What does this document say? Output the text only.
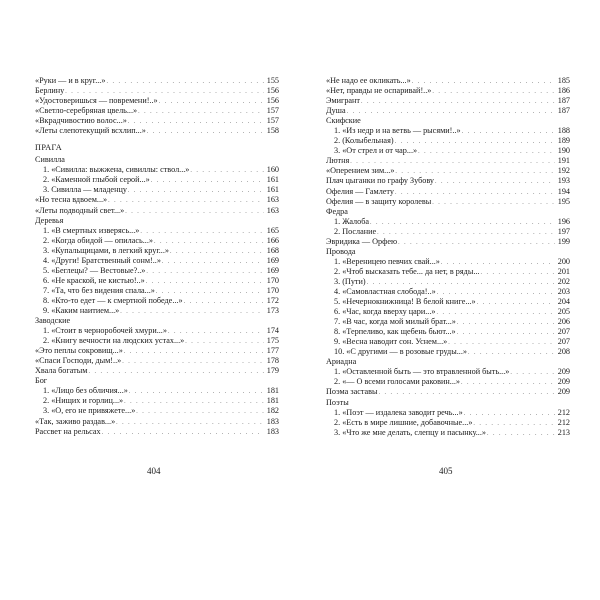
«Руки — и в круг...» . . .	155
Берлину . . .	156
«Удостоверишься — повремени!..» . . .	156
«Светло-серебряная цвель...» . . .	157
«Вкрадчивостию волос...» . . .	157
«Леты слепотекущий всхлип...» . . .	158
ПРАГА
Сивилла
1. «Сивилла: выжжена, сивиллы: ствол...» . . .	160
2. «Каменной глыбой серой...» . . .	161
3. Сивилла — младенцу . . .	161
«Но тесна вдвоем...» . . .	163
«Леты подводный свет...» . . .	163
Деревья
1. «В смертных изверясь...» . . .	165
2. «Когда обидой — опилась...» . . .	166
3. «Купальщицами, в легкий круг...» . . .	168
4. «Други! Братственный сонм!..» . . .	169
5. «Беглецы? — Вестовые?..» . . .	169
6. «Не краской, не кистью!..» . . .	170
7. «Та, что без видения спала...» . . .	170
8. «Кто-то едет — к смертной победе...» . . .	172
9. «Каким наитием...» . . .	173
Заводские
1. «Стоит в черноробочей хмури...» . . .	174
2. «Книгу вечности на людских устах...» . . .	175
«Это пеплы сокровищ...» . . .	177
«Спаси Господи, дым!..» . . .	178
Хвала богатым . . .	179
Бог
1. «Лицо без обличия...» . . .	181
2. «Нищих и горлиц...» . . .	181
3. «О, его не привяжете...» . . .	182
«Так, заживо раздав...» . . .	183
Рассвет на рельсах . . .	183
«Не надо ее окликать...» . . .	185
«Нет, правды не оспаривай!..» . . .	186
Эмигрант . . .	187
Душа . . .	187
Скифские
1. «Из недр и на ветвь — рысями!..» . . .	188
2. (Колыбельная) . . .	189
3. «От стрел и от чар...» . . .	190
Лютня . . .	191
«Оперением зим...» . . .	192
Плач цыганки по графу Зубову . . .	193
Офелия — Гамлету . . .	194
Офелия — в защиту королевы . . .	195
Федра
1. Жалоба . . .	196
2. Послание . . .	197
Эвридика — Орфею . . .	199
Провода
1. «Вереницею певчих свай...» . . .	200
2. «Чтоб высказать тебе... да нет, в ряды... . . .	201
3. (Пути) . . .	202
4. «Самовластная слобода!..» . . .	203
5. «Нечернокнижница! В белой книге...» . . .	204
6. «Час, когда вверху цари...» . . .	205
7. «В час, когда мой милый брат...» . . .	206
8. «Терпеливо, как щебень бьют...» . . .	207
9. «Весна наводит сон. Уснем...» . . .	207
10. «С другими — в розовые груды...» . . .	208
Ариадна
1. «Оставленной быть — это втравленной быть...» . . .	209
2. «— О всеми голосами раковин...» . . .	209
Поэма заставы . . .	209
Поэты
1. «Поэт — издалека заводит речь...» . . .	212
2. «Есть в мире лишние, добавочные...» . . .	212
3. «Что же мне делать, слепцу и пасынку...» . . .	213
404	405
